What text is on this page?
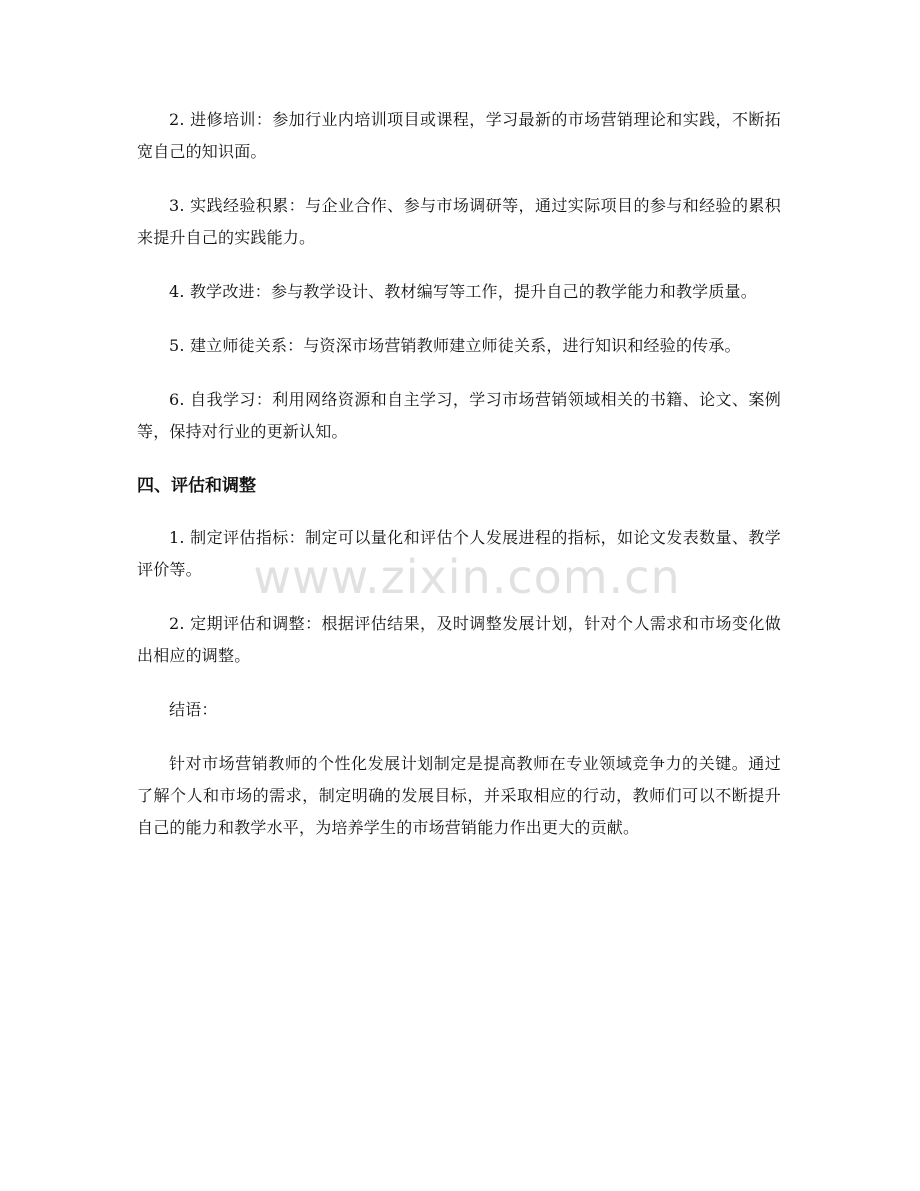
2. 进修培训：参加行业内培训项目或课程，学习最新的市场营销理论和实践，不断拓宽自己的知识面。

3. 实践经验积累：与企业合作、参与市场调研等，通过实际项目的参与和经验的累积来提升自己的实践能力。

4. 教学改进：参与教学设计、教材编写等工作，提升自己的教学能力和教学质量。

5. 建立师徒关系：与资深市场营销教师建立师徒关系，进行知识和经验的传承。

6. 自我学习：利用网络资源和自主学习，学习市场营销领域相关的书籍、论文、案例等，保持对行业的更新认知。

四、评估和调整

1. 制定评估指标：制定可以量化和评估个人发展进程的指标，如论文发表数量、教学评价等。

2. 定期评估和调整：根据评估结果，及时调整发展计划，针对个人需求和市场变化做出相应的调整。

结语：

针对市场营销教师的个性化发展计划制定是提高教师在专业领域竞争力的关键。通过了解个人和市场的需求，制定明确的发展目标，并采取相应的行动，教师们可以不断提升自己的能力和教学水平，为培养学生的市场营销能力作出更大的贡献。

www.zixin.com.cn
